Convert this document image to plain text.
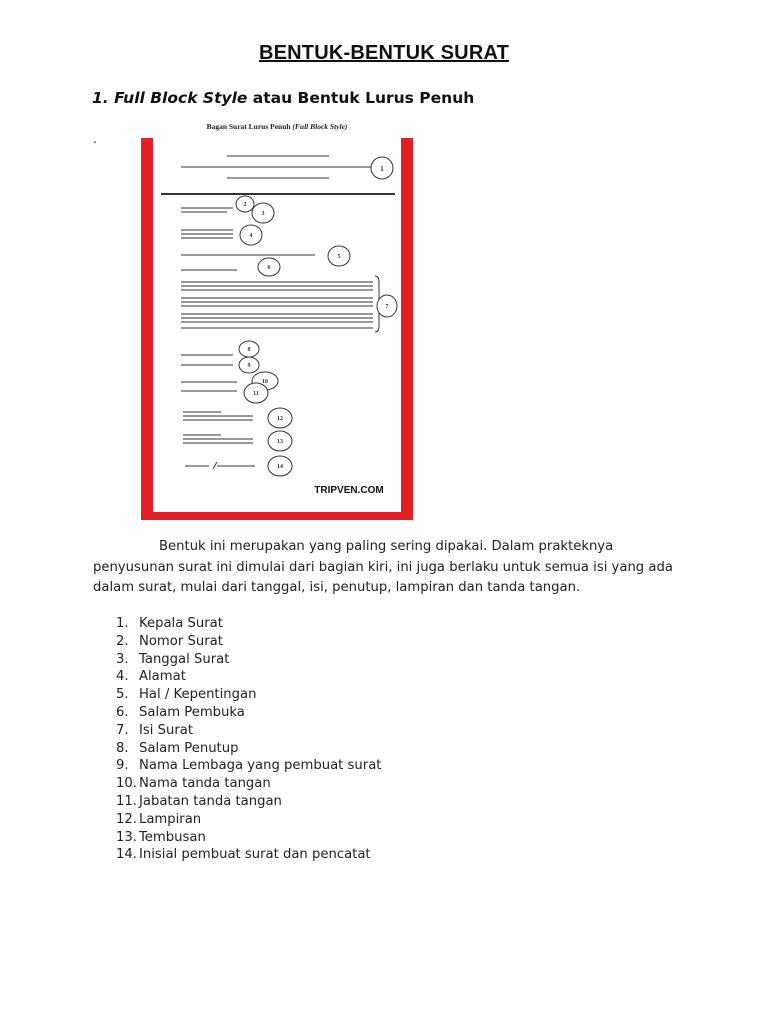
BENTUK-BENTUK SURAT
1. Full Block Style atau Bentuk Lurus Penuh
.
Bagan Surat Lurus Penuh (Full Block Style)
1
2
3
4
5
6
7
8
9
10
11
12
13
14
TRIPVEN.COM
Bentuk ini merupakan yang paling sering dipakai. Dalam prakteknya penyusunan surat ini dimulai dari bagian kiri, ini juga berlaku untuk semua isi yang ada dalam surat, mulai dari tanggal, isi, penutup, lampiran dan tanda tangan.
1. Kepala Surat
2. Nomor Surat
3. Tanggal Surat
4. Alamat
5. Hal / Kepentingan
6. Salam Pembuka
7. Isi Surat
8. Salam Penutup
9. Nama Lembaga yang pembuat surat
10. Nama tanda tangan
11. Jabatan tanda tangan
12. Lampiran
13. Tembusan
14. Inisial pembuat surat dan pencatat
